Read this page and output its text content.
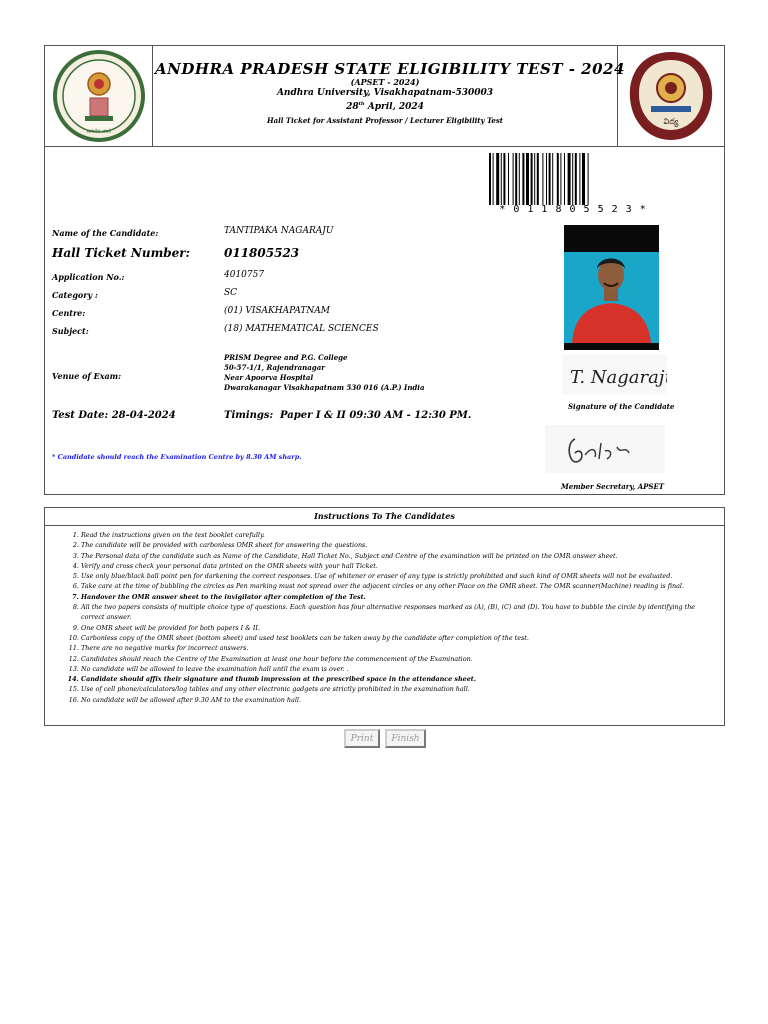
सत्यमेव जयते
విద్య
ANDHRA PRADESH STATE ELIGIBILITY TEST - 2024
(APSET - 2024)
Andhra University, Visakhapatnam-530003
28th April, 2024
Hall Ticket for Assistant Professor / Lecturer Eligibility Test
* 0 1 1 8 0 5 5 2 3 *
Name of the Candidate:	TANTIPAKA NAGARAJU
Hall Ticket Number:	011805523
Application No.:	4010757
Category :	SC
Centre:	(01) VISAKHAPATNAM
Subject:	(18) MATHEMATICAL SCIENCES
Venue of Exam:
PRISM Degree and P.G. College
50-57-1/1, Rajendranagar
Near Apoorva Hospital
Dwarakanagar Visakhapatnam 530 016 (A.P.) India
Test Date: 28-04-2024	Timings: Paper I & II 09:30 AM - 12:30 PM.
* Candidate should reach the Examination Centre by 8.30 AM sharp.
T. Nagaraju
Signature of the Candidate
Member Secretary, APSET
Instructions To The Candidates
1. Read the instructions given on the test booklet carefully.
2. The candidate will be provided with carbonless OMR sheet for answering the questions.
3. The Personal data of the candidate such as Name of the Candidate, Hall Ticket No., Subject and Centre of the examination will be printed on the OMR answer sheet.
4. Verify and cross check your personal data printed on the OMR sheets with your hall Ticket.
5. Use only blue/black ball point pen for darkening the correct responses. Use of whitener or eraser of any type is strictly prohibited and such kind of OMR sheets will not be evaluated.
6. Take care at the time of bubbling the circles as Pen marking must not spread over the adjacent circles or any other Place on the OMR sheet. The OMR scanner(Machine) reading is final.
7. Handover the OMR answer sheet to the invigilator after completion of the Test.
8. All the two papers consists of multiple choice type of questions. Each question has four alternative responses marked as (A), (B), (C) and (D). You have to bubble the circle by identifying the correct answer.
9. One OMR sheet will be provided for both papers I & II.
10. Carbonless copy of the OMR sheet (bottom sheet) and used test booklets can be taken away by the candidate after completion of the test.
11. There are no negative marks for incorrect answers.
12. Candidates should reach the Centre of the Examination at least one hour before the commencement of the Examination.
13. No candidate will be allowed to leave the examination hall until the exam is over. .
14. Candidate should affix their signature and thumb impression at the prescribed space in the attendance sheet.
15. Use of cell phone/calculators/log tables and any other electronic gadgets are strictly prohibited in the examination hall.
16. No candidate will be allowed after 9.30 AM to the examination hall.
Print	Finish
